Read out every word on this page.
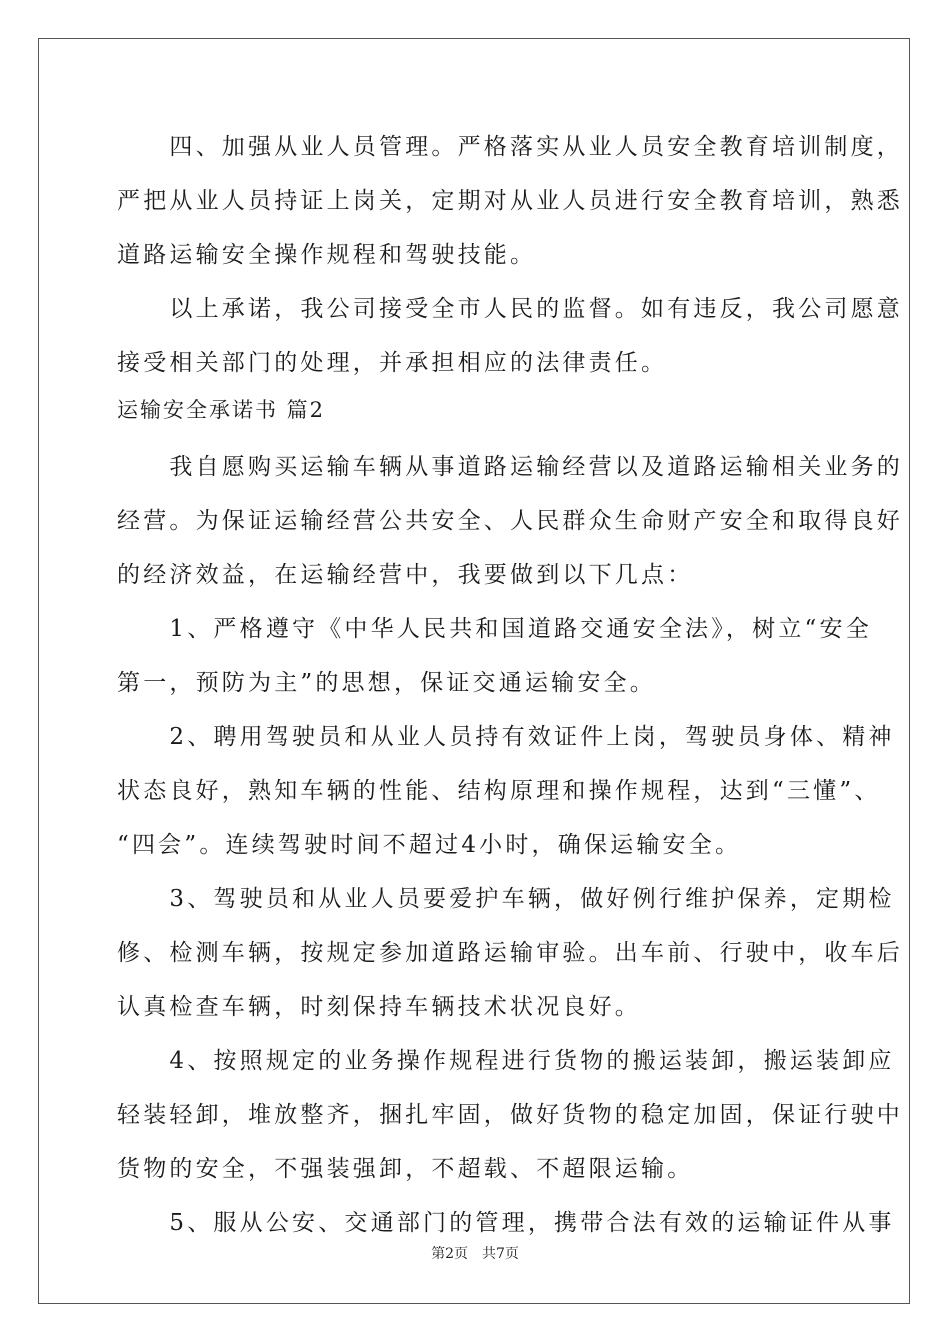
　　四、加强从业人员管理。严格落实从业人员安全教育培训制度，
严把从业人员持证上岗关，定期对从业人员进行安全教育培训，熟悉
道路运输安全操作规程和驾驶技能。
　　以上承诺，我公司接受全市人民的监督。如有违反，我公司愿意
接受相关部门的处理，并承担相应的法律责任。
运输安全承诺书 篇2
　　我自愿购买运输车辆从事道路运输经营以及道路运输相关业务的
经营。为保证运输经营公共安全、人民群众生命财产安全和取得良好
的经济效益，在运输经营中，我要做到以下几点：
　　1、严格遵守《中华人民共和国道路交通安全法》，树立“安全
第一，预防为主”的思想，保证交通运输安全。
　　2、聘用驾驶员和从业人员持有效证件上岗，驾驶员身体、精神
状态良好，熟知车辆的性能、结构原理和操作规程，达到“三懂”、
“四会”。连续驾驶时间不超过4小时，确保运输安全。
　　3、驾驶员和从业人员要爱护车辆，做好例行维护保养，定期检
修、检测车辆，按规定参加道路运输审验。出车前、行驶中，收车后
认真检查车辆，时刻保持车辆技术状况良好。
　　4、按照规定的业务操作规程进行货物的搬运装卸，搬运装卸应
轻装轻卸，堆放整齐，捆扎牢固，做好货物的稳定加固，保证行驶中
货物的安全，不强装强卸，不超载、不超限运输。
　　5、服从公安、交通部门的管理，携带合法有效的运输证件从事
第2页　共7页
